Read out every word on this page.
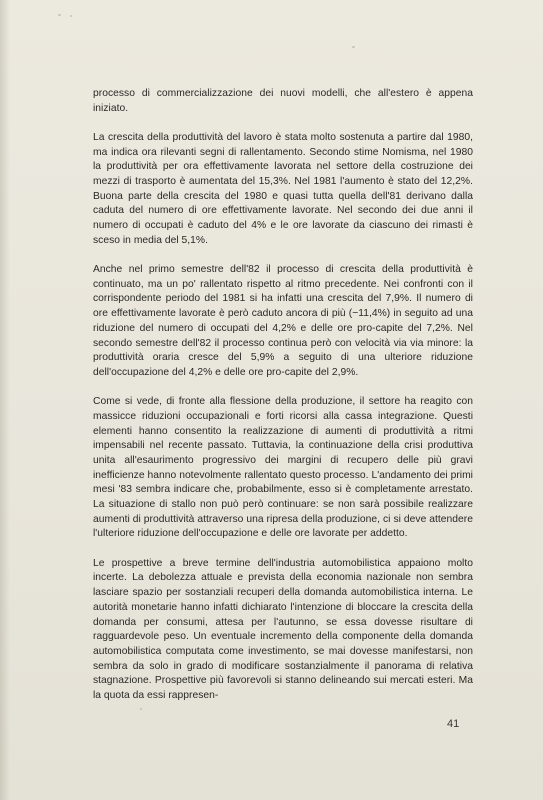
processo di commercializzazione dei nuovi modelli, che all'estero è appena iniziato.

La crescita della produttività del lavoro è stata molto sostenuta a partire dal 1980, ma indica ora rilevanti segni di rallentamento. Secondo stime Nomisma, nel 1980 la produttività per ora effettivamente lavorata nel settore della costruzione dei mezzi di trasporto è aumentata del 15,3%. Nel 1981 l'aumento è stato del 12,2%. Buona parte della crescita del 1980 e quasi tutta quella dell'81 derivano dalla caduta del numero di ore effettivamente lavorate. Nel secondo dei due anni il numero di occupati è caduto del 4% e le ore lavorate da ciascuno dei rimasti è sceso in media del 5,1%.

Anche nel primo semestre dell'82 il processo di crescita della produttività è continuato, ma un po' rallentato rispetto al ritmo precedente. Nei confronti con il corrispondente periodo del 1981 si ha infatti una crescita del 7,9%. Il numero di ore effettivamente lavorate è però caduto ancora di più (−11,4%) in seguito ad una riduzione del numero di occupati del 4,2% e delle ore pro-capite del 7,2%. Nel secondo semestre dell'82 il processo continua però con velocità via via minore: la produttività oraria cresce del 5,9% a seguito di una ulteriore riduzione dell'occupazione del 4,2% e delle ore pro-capite del 2,9%.

Come si vede, di fronte alla flessione della produzione, il settore ha reagito con massicce riduzioni occupazionali e forti ricorsi alla cassa integrazione. Questi elementi hanno consentito la realizzazione di aumenti di produttività a ritmi impensabili nel recente passato. Tuttavia, la continuazione della crisi produttiva unita all'esaurimento progressivo dei margini di recupero delle più gravi inefficienze hanno notevolmente rallentato questo processo. L'andamento dei primi mesi '83 sembra indicare che, probabilmente, esso si è completamente arrestato. La situazione di stallo non può però continuare: se non sarà possibile realizzare aumenti di produttività attraverso una ripresa della produzione, ci si deve attendere l'ulteriore riduzione dell'occupazione e delle ore lavorate per addetto.

Le prospettive a breve termine dell'industria automobilistica appaiono molto incerte. La debolezza attuale e prevista della economia nazionale non sembra lasciare spazio per sostanziali recuperi della domanda automobilistica interna. Le autorità monetarie hanno infatti dichiarato l'intenzione di bloccare la crescita della domanda per consumi, attesa per l'autunno, se essa dovesse risultare di ragguardevole peso. Un eventuale incremento della componente della domanda automobilistica computata come investimento, se mai dovesse manifestarsi, non sembra da solo in grado di modificare sostanzialmente il panorama di relativa stagnazione. Prospettive più favorevoli si stanno delineando sui mercati esteri. Ma la quota da essi rappresen-

41
